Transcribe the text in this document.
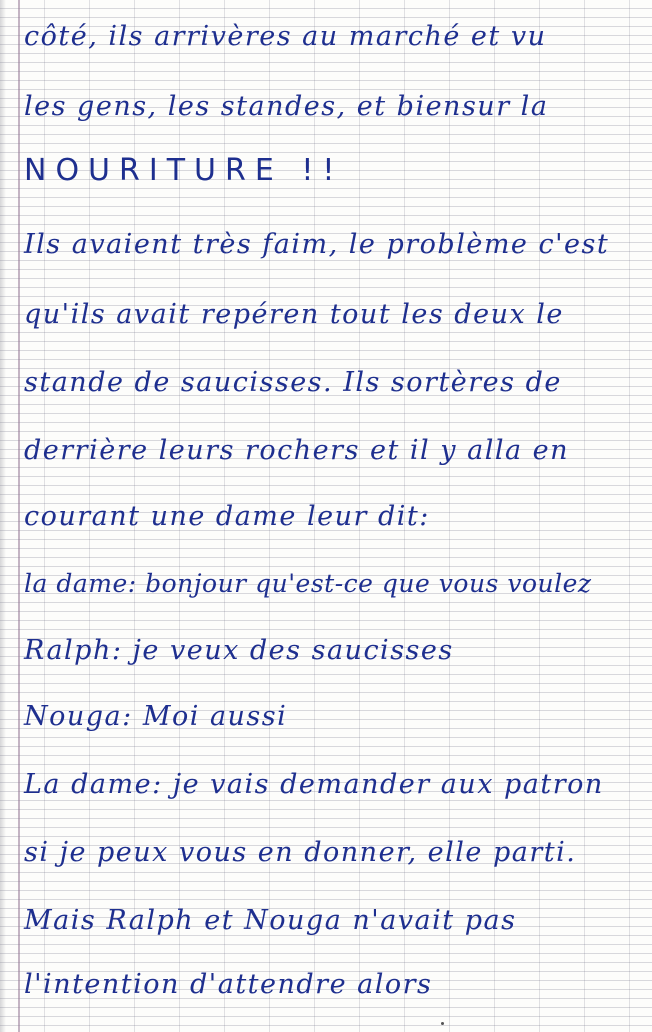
côté, ils arrivères au marché et vu
les gens, les standes, et biensur la
NOURITURE !!
Ils avaient très faim, le problème c'est
qu'ils avait repéren tout les deux le
stande de saucisses. Ils sortères de
derrière leurs rochers et il y alla en
courant une dame leur dit:
la dame: bonjour qu'est-ce que vous voulez
Ralph: je veux des saucisses
Nouga: Moi aussi
La dame: je vais demander aux patron
si je peux vous en donner, elle parti.
Mais Ralph et Nouga n'avait pas
l'intention d'attendre alors
